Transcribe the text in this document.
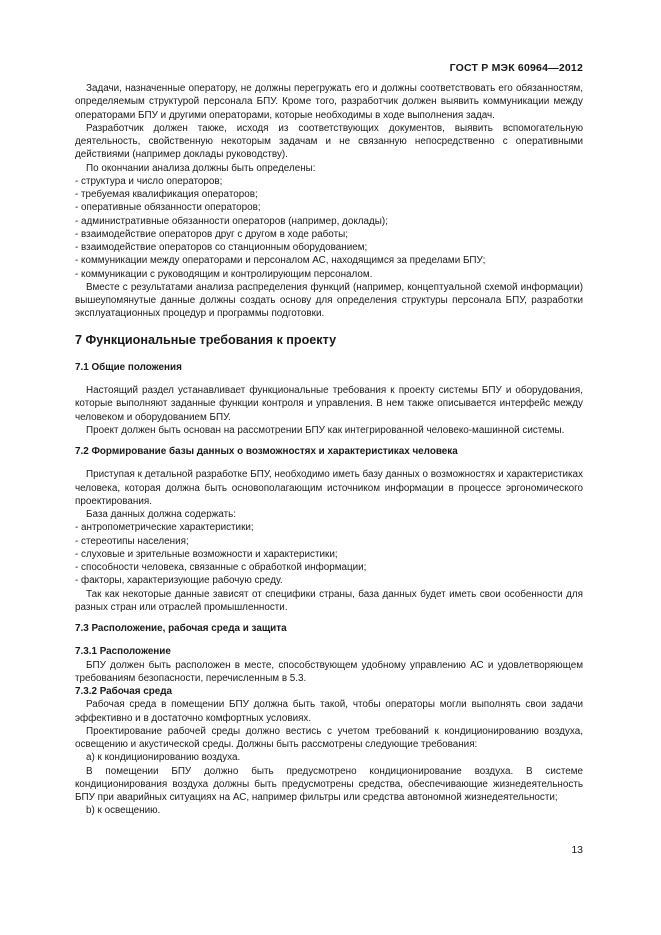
ГОСТ Р МЭК 60964—2012

Задачи, назначенные оператору, не должны перегружать его и должны соответствовать его обязанностям, определяемым структурой персонала БПУ. Кроме того, разработчик должен выявить коммуникации между операторами БПУ и другими операторами, которые необходимы в ходе выполнения задач.

Разработчик должен также, исходя из соответствующих документов, выявить вспомогательную деятельность, свойственную некоторым задачам и не связанную непосредственно с оперативными действиями (например доклады руководству).

По окончании анализа должны быть определены:

- структура и число операторов;

- требуемая квалификация операторов;

- оперативные обязанности операторов;

- административные обязанности операторов (например, доклады);

- взаимодействие операторов друг с другом в ходе работы;

- взаимодействие операторов со станционным оборудованием;

- коммуникации между операторами и персоналом АС, находящимся за пределами БПУ;

- коммуникации с руководящим и контролирующим персоналом.

Вместе с результатами анализа распределения функций (например, концептуальной схемой информации) вышеупомянутые данные должны создать основу для определения структуры персонала БПУ, разработки эксплуатационных процедур и программы подготовки.

7 Функциональные требования к проекту
7.1 Общие положения

Настоящий раздел устанавливает функциональные требования к проекту системы БПУ и оборудования, которые выполняют заданные функции контроля и управления. В нем также описывается интерфейс между человеком и оборудованием БПУ.

Проект должен быть основан на рассмотрении БПУ как интегрированной человеко-машинной системы.

7.2 Формирование базы данных о возможностях и характеристиках человека

Приступая к детальной разработке БПУ, необходимо иметь базу данных о возможностях и характеристиках человека, которая должна быть основополагающим источником информации в процессе эргономического проектирования.

База данных должна содержать:

- антропометрические характеристики;

- стереотипы населения;

- слуховые и зрительные возможности и характеристики;

- способности человека, связанные с обработкой информации;

- факторы, характеризующие рабочую среду.

Так как некоторые данные зависят от специфики страны, база данных будет иметь свои особенности для разных стран или отраслей промышленности.

7.3 Расположение, рабочая среда и защита
7.3.1 Расположение

БПУ должен быть расположен в месте, способствующем удобному управлению АС и удовлетворяющем требованиям безопасности, перечисленным в 5.3.

7.3.2 Рабочая среда

Рабочая среда в помещении БПУ должна быть такой, чтобы операторы могли выполнять свои задачи эффективно и в достаточно комфортных условиях.

Проектирование рабочей среды должно вестись с учетом требований к кондиционированию воздуха, освещению и акустической среды. Должны быть рассмотрены следующие требования:

а) к кондиционированию воздуха.

В помещении БПУ должно быть предусмотрено кондиционирование воздуха. В системе кондиционирования воздуха должны быть предусмотрены средства, обеспечивающие жизнедеятельность БПУ при аварийных ситуациях на АС, например фильтры или средства автономной жизнедеятельности;

b) к освещению.

13
